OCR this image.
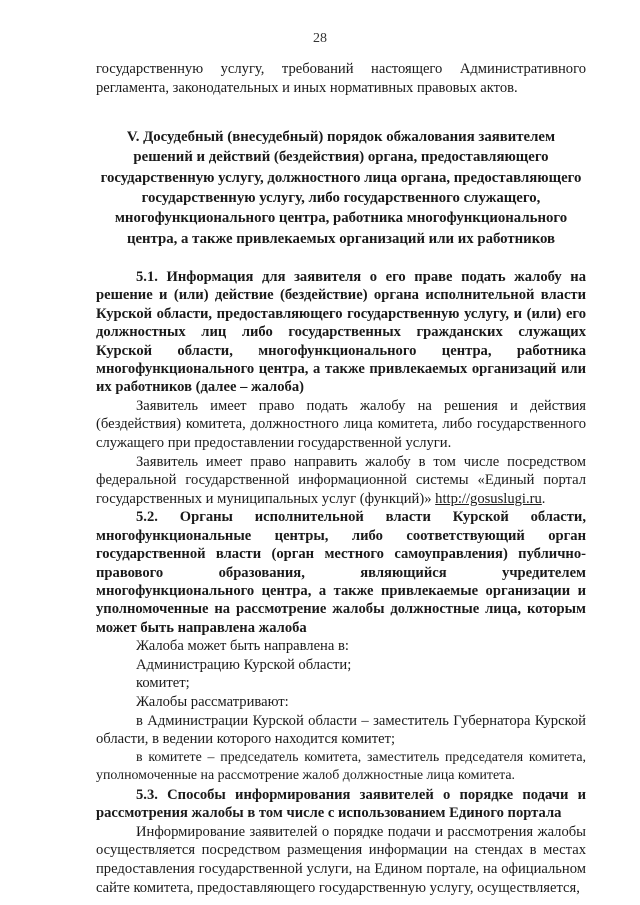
28

государственную услугу, требований настоящего Административного регламента, законодательных и иных нормативных правовых актов.

V. Досудебный (внесудебный) порядок обжалования заявителем решений и действий (бездействия) органа, предоставляющего государственную услугу, должностного лица органа, предоставляющего государственную услугу, либо государственного служащего, многофункционального центра, работника многофункционального центра, а также привлекаемых организаций или их работников

5.1. Информация для заявителя о его праве подать жалобу на решение и (или) действие (бездействие) органа исполнительной власти Курской области, предоставляющего государственную услугу, и (или) его должностных лиц либо государственных гражданских служащих Курской области, многофункционального центра, работника многофункционального центра, а также привлекаемых организаций или их работников (далее – жалоба)

Заявитель имеет право подать жалобу на решения и действия (бездействия) комитета, должностного лица комитета, либо государственного служащего при предоставлении государственной услуги.

Заявитель имеет право направить жалобу в том числе посредством федеральной государственной информационной системы «Единый портал государственных и муниципальных услуг (функций)» http://gosuslugi.ru.

5.2. Органы исполнительной власти Курской области, многофункциональные центры, либо соответствующий орган государственной власти (орган местного самоуправления) публично-правового образования, являющийся учредителем многофункционального центра, а также привлекаемые организации и уполномоченные на рассмотрение жалобы должностные лица, которым может быть направлена жалоба

Жалоба может быть направлена в:

Администрацию Курской области;

комитет;

Жалобы рассматривают:

в Администрации Курской области – заместитель Губернатора Курской области, в ведении которого находится комитет;

в комитете – председатель комитета, заместитель председателя комитета, уполномоченные на рассмотрение жалоб должностные лица комитета.

5.3. Способы информирования заявителей о порядке подачи и рассмотрения жалобы в том числе с использованием Единого портала

Информирование заявителей о порядке подачи и рассмотрения жалобы осуществляется посредством размещения информации на стендах в местах предоставления государственной услуги, на Едином портале, на официальном сайте комитета, предоставляющего государственную услугу, осуществляется,
